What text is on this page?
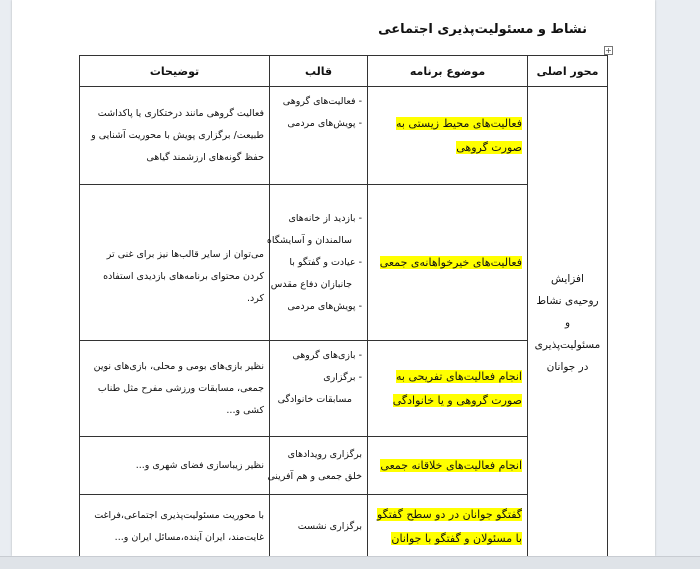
نشاط و مسئولیت‌پذیری اجتماعی
+
محور اصلی	موضوع برنامه	قالب	توضیحات
افزایش روحیه‌ی نشاط و مسئولیت‌پذیری در جوانان	فعالیت‌های محیط زیستی به صورت گروهی	- فعالیت‌های گروهی
- پویش‌های مردمی	فعالیت گروهی مانند درختکاری یا پاکداشت طبیعت/ برگزاری پویش با محوریت آشنایی و حفظ گونه‌های ارزشمند گیاهی
	فعالیت‌های خیرخواهانه‌ی جمعی	- بازدید از خانه‌های
سالمندان و آسایشگاه
- عیادت و گفتگو با
جانبازان دفاع مقدس
- پویش‌های مردمی	می‌توان از سایر قالب‌ها نیز برای غنی تر کردن محتوای برنامه‌های بازدیدی استفاده کرد.
	انجام فعالیت‌های تفریحی به صورت گروهی و یا خانوادگی	- بازی‌های گروهی
- برگزاری
مسابقات خانوادگی	نظیر بازی‌های بومی و محلی، بازی‌های نوین جمعی، مسابقات ورزشی مفرح مثل طناب کشی و...
	انجام فعالیت‌های خلاقانه جمعی	برگزاری رویدادهای
خلق جمعی و هم آفرینی	نظیر زیباسازی فضای شهری و...
	گفتگو جوانان در دو سطح گفتگو با مسئولان و گفتگو با جوانان	برگزاری نشست	با محوریت مسئولیت‌پذیری اجتماعی،فراغت غایت‌مند، ایران آینده،مسائل ایران و...
